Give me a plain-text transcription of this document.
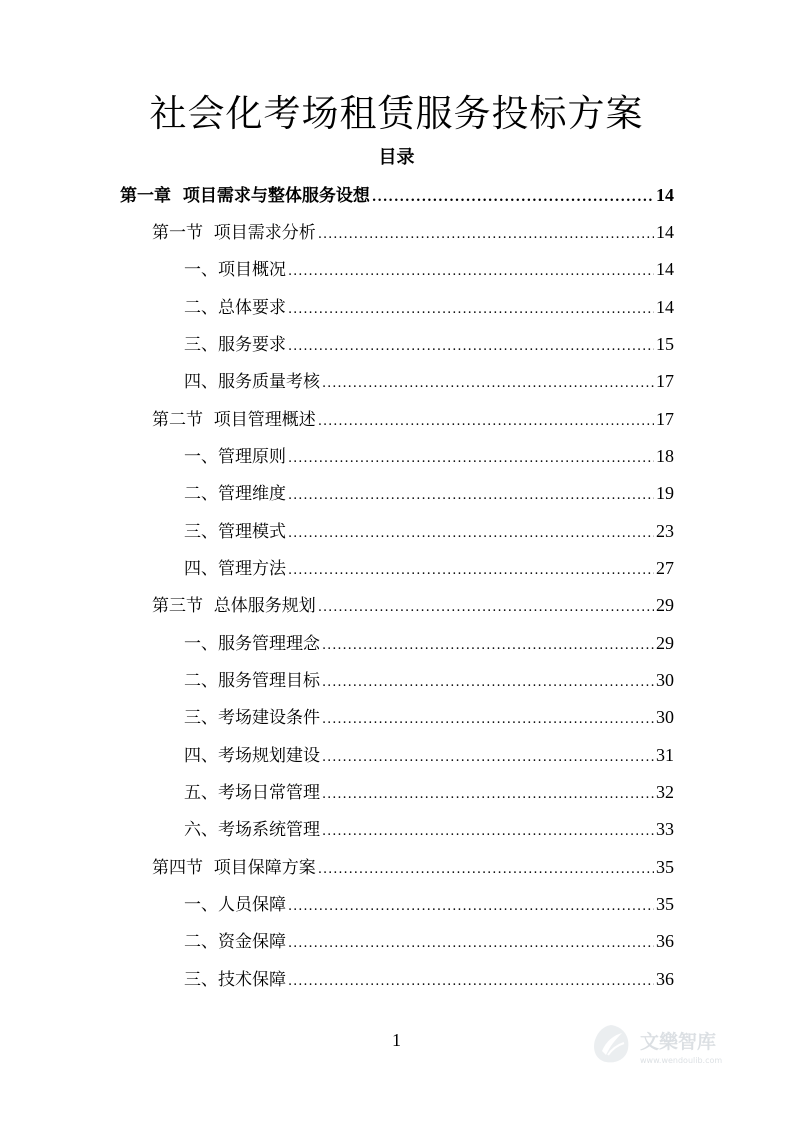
社会化考场租赁服务投标方案
目录
第一章  项目需求与整体服务设想 .....	14
第一节  项目需求分析 .....	14
一、项目概况 .....	14
二、总体要求 .....	14
三、服务要求 .....	15
四、服务质量考核 .....	17
第二节  项目管理概述 .....	17
一、管理原则 .....	18
二、管理维度 .....	19
三、管理模式 .....	23
四、管理方法 .....	27
第三节  总体服务规划 .....	29
一、服务管理理念 .....	29
二、服务管理目标 .....	30
三、考场建设条件 .....	30
四、考场规划建设 .....	31
五、考场日常管理 .....	32
六、考场系统管理 .....	33
第四节  项目保障方案 .....	35
一、人员保障 .....	35
二、资金保障 .....	36
三、技术保障 .....	36
1	文樂智库
www.wendoulib.com
